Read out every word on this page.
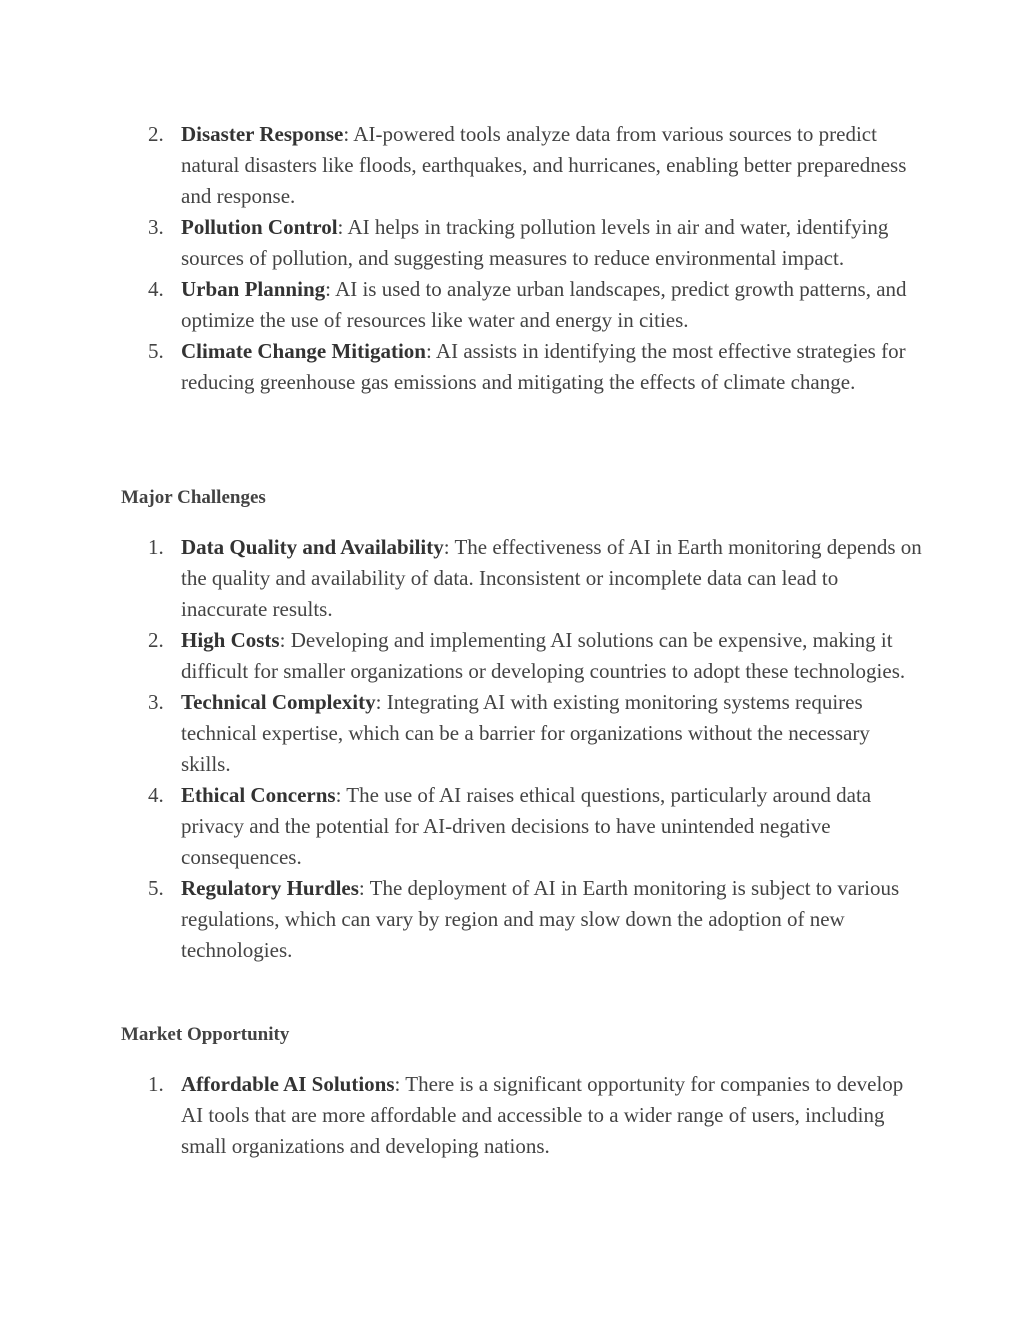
2. Disaster Response: AI-powered tools analyze data from various sources to predict natural disasters like floods, earthquakes, and hurricanes, enabling better preparedness and response.
3. Pollution Control: AI helps in tracking pollution levels in air and water, identifying sources of pollution, and suggesting measures to reduce environmental impact.
4. Urban Planning: AI is used to analyze urban landscapes, predict growth patterns, and optimize the use of resources like water and energy in cities.
5. Climate Change Mitigation: AI assists in identifying the most effective strategies for reducing greenhouse gas emissions and mitigating the effects of climate change.
Major Challenges
1. Data Quality and Availability: The effectiveness of AI in Earth monitoring depends on the quality and availability of data. Inconsistent or incomplete data can lead to inaccurate results.
2. High Costs: Developing and implementing AI solutions can be expensive, making it difficult for smaller organizations or developing countries to adopt these technologies.
3. Technical Complexity: Integrating AI with existing monitoring systems requires technical expertise, which can be a barrier for organizations without the necessary skills.
4. Ethical Concerns: The use of AI raises ethical questions, particularly around data privacy and the potential for AI-driven decisions to have unintended negative consequences.
5. Regulatory Hurdles: The deployment of AI in Earth monitoring is subject to various regulations, which can vary by region and may slow down the adoption of new technologies.
Market Opportunity
1. Affordable AI Solutions: There is a significant opportunity for companies to develop AI tools that are more affordable and accessible to a wider range of users, including small organizations and developing nations.
